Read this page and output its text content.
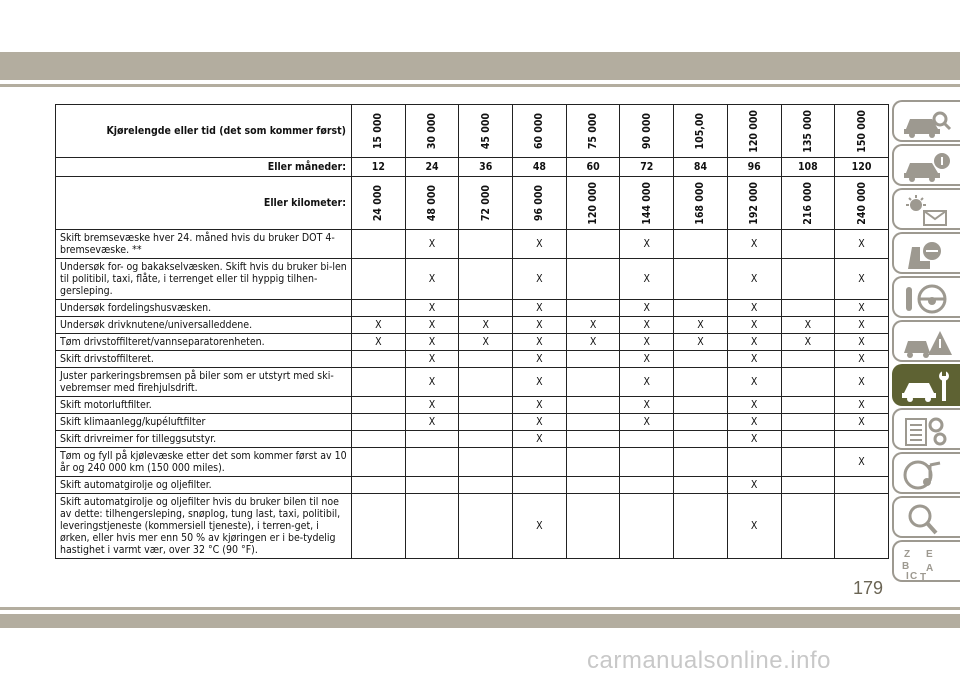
Kjørelengde eller tid (det som kommer først)	15 000	30 000	45 000	60 000	75 000	90 000	105,00	120 000	135 000	150 000

Eller måneder:	12	24	36	48	60	72	84	96	108	120
Eller kilometer:	24 000	48 000	72 000	96 000	120 000	144 000	168 000	192 000	216 000	240 000

Skift bremsevæske hver 24. måned hvis du bruker DOT 4-bremsevæske. **		X		X		X		X		X
Undersøk for- og bakakselvæsken. Skift hvis du bruker bi-len til politibil, taxi, flåte, i terrenget eller til hyppig tilhen-gersleping.		X		X		X		X		X
Undersøk fordelingshusvæsken.		X		X		X		X		X
Undersøk drivknutene/universalleddene.	X	X	X	X	X	X	X	X	X	X
Tøm drivstoffilteret/vannseparatorenheten.	X	X	X	X	X	X	X	X	X	X
Skift drivstoffilteret.		X		X		X		X		X
Juster parkeringsbremsen på biler som er utstyrt med ski-vebremser med firehjulsdrift.		X		X		X		X		X
Skift motorluftfilter.		X		X		X		X		X
Skift klimaanlegg/kupéluftfilter		X		X		X		X		X
Skift drivreimer for tilleggsutstyr.				X				X		
Tøm og fyll på kjølevæske etter det som kommer først av 10 år og 240 000 km (150 000 miles).										X
Skift automatgirolje og oljefilter.								X		
Skift automatgirolje og oljefilter hvis du bruker bilen til noe av dette: tilhengersleping, snøplog, tung last, taxi, politibil, leveringstjeneste (kommersiell tjeneste), i terren-get, i ørken, eller hvis mer enn 50 % av kjøringen er i be-tydelig hastighet i varmt vær, over 32 °C (90 °F).				X				X		
179
Z E
B
C
A
I T
carmanualsonline.info
